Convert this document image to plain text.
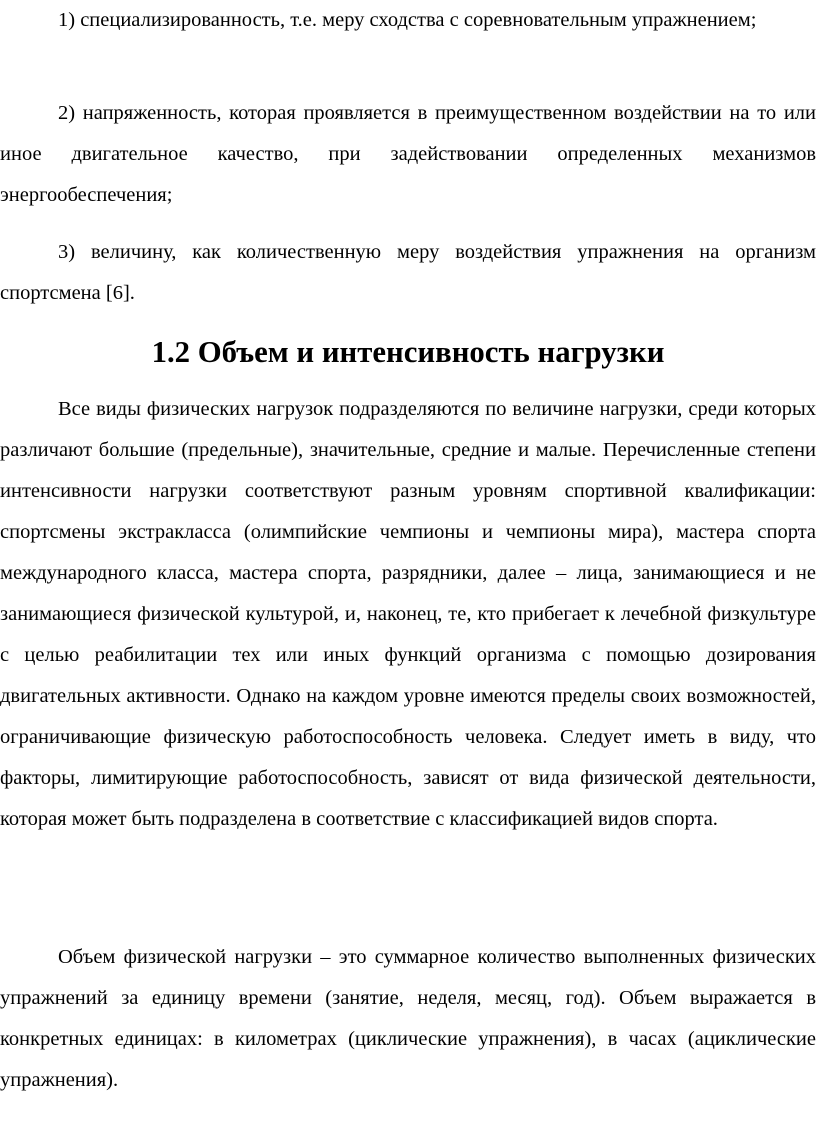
1) специализированность, т.е. меру сходства с соревновательным упражнением;

2) напряженность, которая проявляется в преимущественном воздействии на то или иное двигательное качество, при задействовании определенных механизмов энергообеспечения;

3) величину, как количественную меру воздействия упражнения на организм спортсмена [6].

1.2 Объем и интенсивность нагрузки

Все виды физических нагрузок подразделяются по величине нагрузки, среди которых различают большие (предельные), значительные, средние и малые. Перечисленные степени интенсивности нагрузки соответствуют разным уровням спортивной квалификации: спортсмены экстракласса (олимпийские чемпионы и чемпионы мира), мастера спорта международного класса, мастера спорта, разрядники, далее – лица, занимающиеся и не занимающиеся физической культурой, и, наконец, те, кто прибегает к лечебной физкультуре с целью реабилитации тех или иных функций организма с помощью дозирования двигательных активности. Однако на каждом уровне имеются пределы своих возможностей, ограничивающие физическую работоспособность человека. Следует иметь в виду, что факторы, лимитирующие работоспособность, зависят от вида физической деятельности, которая может быть подразделена в соответствие с классификацией видов спорта.

Объем физической нагрузки – это суммарное количество выполненных физических упражнений за единицу времени (занятие, неделя, месяц, год). Объем выражается в конкретных единицах: в километрах (циклические упражнения), в часах (ациклические упражнения).
